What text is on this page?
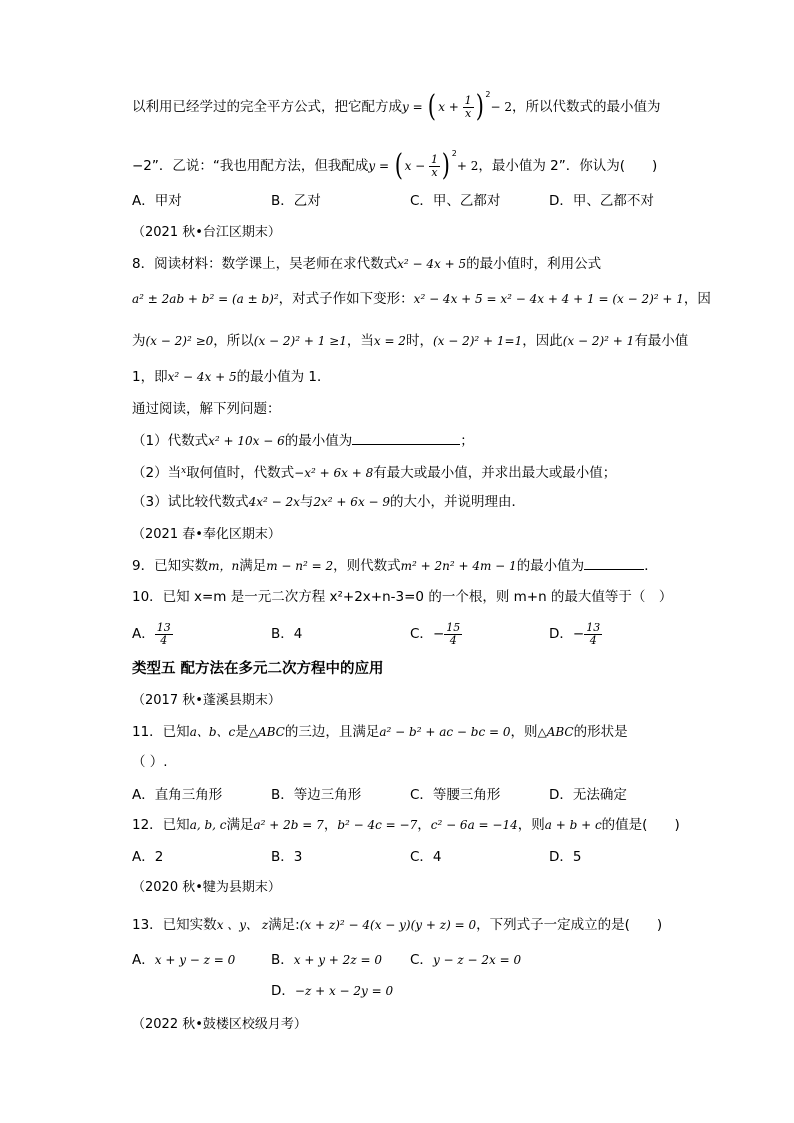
以利用已经学过的完全平方公式，把它配方成y = ( $x + \frac{1}{x}$ ) $^2$− 2，所以代数式的最小值为
−2”．乙说：“我也用配方法，但我配成y = ( $x - \frac{1}{x}$ ) $^2$+ 2，最小值为 2”．你认为(　　)
A．甲对	B．乙对	C．甲、乙都对	D．甲、乙都不对
（2021 秋•台江区期末）
8．阅读材料：数学课上，吴老师在求代数式x² − 4x + 5的最小值时，利用公式
a² ± 2ab + b² = (a ± b)²，对式子作如下变形：x² − 4x + 5 = x² − 4x + 4 + 1 = (x − 2)² + 1，因
为(x − 2)² ≥0，所以(x − 2)² + 1 ≥1，当x = 2时，(x − 2)² + 1=1，因此(x − 2)² + 1有最小值
1，即x² − 4x + 5的最小值为 1．
通过阅读，解下列问题：
（1）代数式x² + 10x − 6的最小值为	；
（2）当$^x$取何值时，代数式−x² + 6x + 8有最大或最小值，并求出最大或最小值；
（3）试比较代数式4x² − 2x与2x² + 6x − 9的大小，并说明理由．
（2021 春•奉化区期末）
9．已知实数m，n满足m − n² = 2，则代数式m² + 2n² + 4m − 1的最小值为	．
10．已知 x=m 是一元二次方程 x²+2x+n-3=0 的一个根，则 m+n 的最大值等于（　）
A． $\frac{13}{4}$	B．4	C．− $\frac{15}{4}$	D．− $\frac{13}{4}$
类型五 配方法在多元二次方程中的应用
（2017 秋•蓬溪县期末）
11．已知a、b、c是△ABC的三边，且满足a² − b² + ac − bc = 0，则△ABC的形状是
（ ）.
A．直角三角形	B．等边三角形	C．等腰三角形	D．无法确定
12．已知a, b, c满足a² + 2b = 7，b² − 4c = −7，c² − 6a = −14，则a + b + c的值是(　　)
A．2	B．3	C．4	D．5
（2020 秋•犍为县期末）
13．已知实数x 、y、 z满足:(x + z)² − 4(x − y)(y + z) = 0，下列式子一定成立的是(　　)
A．x + y − z = 0	B．x + y + 2z = 0 C．y − z − 2x = 0
D．−z + x − 2y = 0
（2022 秋•鼓楼区校级月考）
